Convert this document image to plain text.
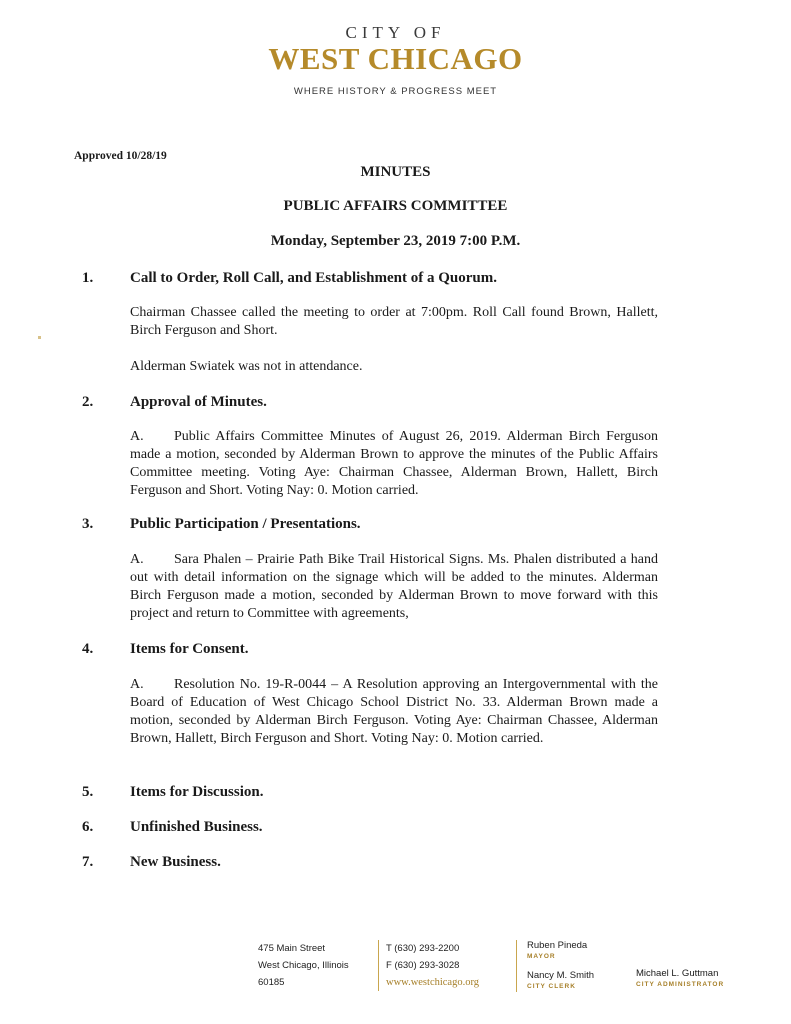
CITY OF
WEST CHICAGO
WHERE HISTORY & PROGRESS MEET
Approved 10/28/19
MINUTES
PUBLIC AFFAIRS COMMITTEE
Monday, September 23, 2019 7:00 P.M.
1. Call to Order, Roll Call, and Establishment of a Quorum.
Chairman Chassee called the meeting to order at 7:00pm. Roll Call found Brown, Hallett, Birch Ferguson and Short.
Alderman Swiatek was not in attendance.
2. Approval of Minutes.
A. Public Affairs Committee Minutes of August 26, 2019. Alderman Birch Ferguson made a motion, seconded by Alderman Brown to approve the minutes of the Public Affairs Committee meeting. Voting Aye: Chairman Chassee, Alderman Brown, Hallett, Birch Ferguson and Short. Voting Nay: 0. Motion carried.
3. Public Participation / Presentations.
A. Sara Phalen – Prairie Path Bike Trail Historical Signs. Ms. Phalen distributed a hand out with detail information on the signage which will be added to the minutes. Alderman Birch Ferguson made a motion, seconded by Alderman Brown to move forward with this project and return to Committee with agreements,
4. Items for Consent.
A. Resolution No. 19-R-0044 – A Resolution approving an Intergovernmental with the Board of Education of West Chicago School District No. 33. Alderman Brown made a motion, seconded by Alderman Birch Ferguson. Voting Aye: Chairman Chassee, Alderman Brown, Hallett, Birch Ferguson and Short. Voting Nay: 0. Motion carried.
5. Items for Discussion.
6. Unfinished Business.
7. New Business.
475 Main Street
West Chicago, Illinois
60185
T (630) 293-2200
F (630) 293-3028
www.westchicago.org
Ruben Pineda
MAYOR
Nancy M. Smith
CITY CLERK
Michael L. Guttman
CITY ADMINISTRATOR
